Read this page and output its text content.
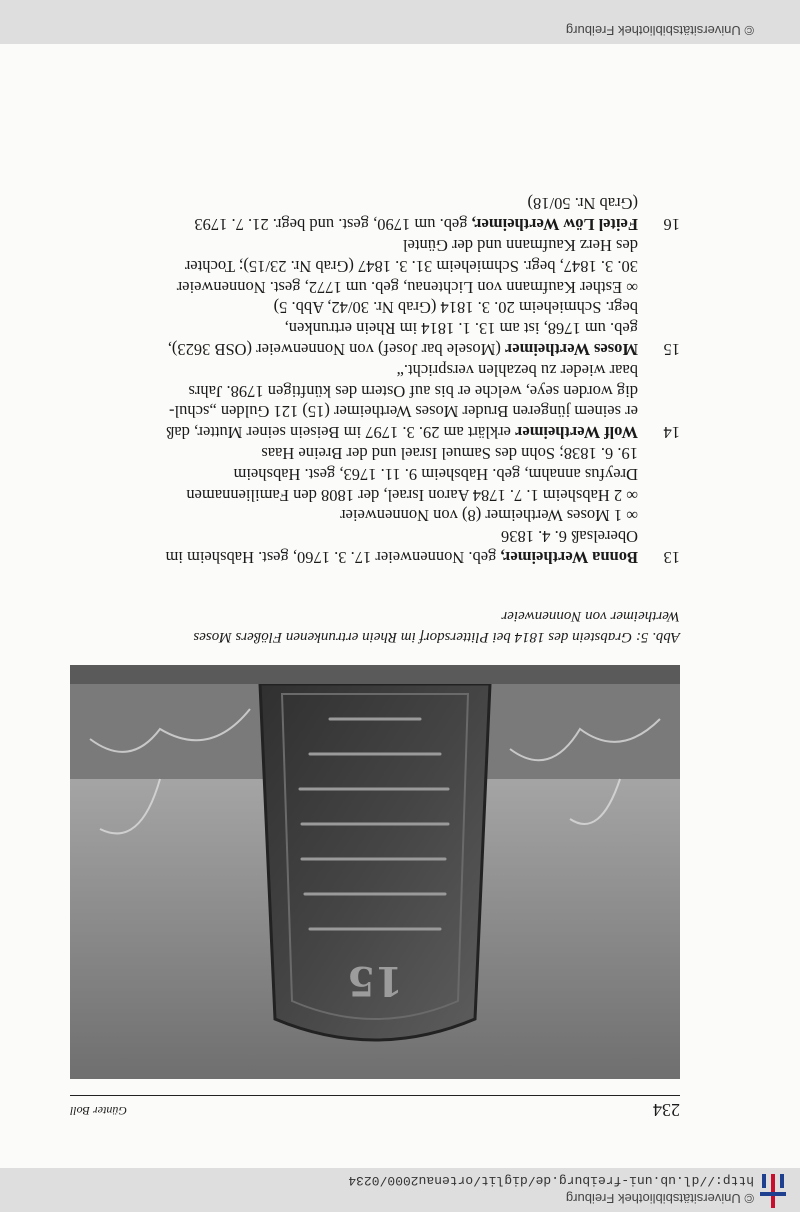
© Universitätsbibliothek Freiburg
http://dl.ub.uni-freiburg.de/diglit/ortenau2000/0234
234
Günter Boll
15

Abb. 5: Grabstein des 1814 bei Plittersdorf im Rhein ertrunkenen Flößers Moses

Wertheimer von Nonnenweier

13
Bonna Wertheimer, geb. Nonnenweier 17. 3. 1760, gest. Habsheim im
Oberelsaß 6. 4. 1836
∞ 1 Moses Wertheimer (8) von Nonnenweier
∞ 2 Habsheim 1. 7. 1784 Aaron Israel, der 1808 den Familiennamen
Dreyfus annahm, geb. Habsheim 9. 11. 1763, gest. Habsheim
19. 6. 1838; Sohn des Samuel Israel und der Breine Haas
14
Wolf Wertheimer erklärt am 29. 3. 1797 im Beisein seiner Mutter, daß
er seinem jüngeren Bruder Moses Wertheimer (15) 121 Gulden „schul-
dig worden seye, welche er bis auf Ostern des künftigen 1798. Jahrs
baar wieder zu bezahlen verspricht.“
15
Moses Wertheimer (Mosele bar Josef) von Nonnenweier (OSB 3623),
geb. um 1768, ist am 13. 1. 1814 im Rhein ertrunken,
begr. Schmieheim 20. 3. 1814 (Grab Nr. 30/42, Abb. 5)
∞ Esther Kaufmann von Lichtenau, geb. um 1772, gest. Nonnenweier
30. 3. 1847, begr. Schmieheim 31. 3. 1847 (Grab Nr. 23/15); Tochter
des Herz Kaufmann und der Güntel
16
Feitel Löw Wertheimer, geb. um 1790, gest. und begr. 21. 7. 1793
(Grab Nr. 50/18)
© Universitätsbibliothek Freiburg
